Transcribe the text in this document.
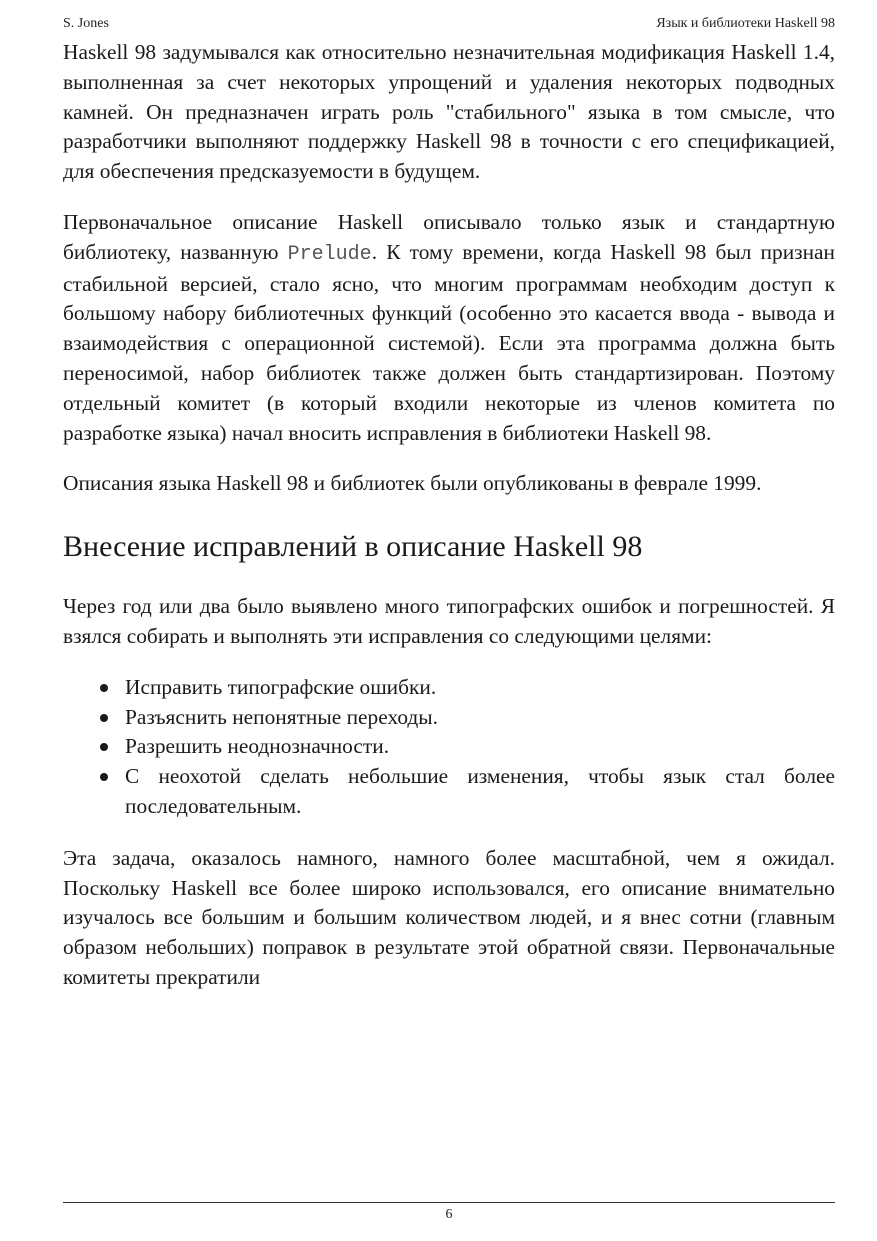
S. Jones	Язык и библиотеки Haskell 98

Haskell 98 задумывался как относительно незначительная модификация Haskell 1.4, выполненная за счет некоторых упрощений и удаления некоторых подводных камней. Он предназначен играть роль "стабильного" языка в том смысле, что разработчики выполняют поддержку Haskell 98 в точности с его спецификацией, для обеспечения предсказуемости в будущем.

Первоначальное описание Haskell описывало только язык и стандартную библиотеку, названную Prelude. К тому времени, когда Haskell 98 был признан стабильной версией, стало ясно, что многим программам необходим доступ к большому набору библиотечных функций (особенно это касается ввода - вывода и взаимодействия с операционной системой). Если эта программа должна быть переносимой, набор библиотек также должен быть стандартизирован. Поэтому отдельный комитет (в который входили некоторые из членов комитета по разработке языка) начал вносить исправления в библиотеки Haskell 98.

Описания языка Haskell 98 и библиотек были опубликованы в феврале 1999.

Внесение исправлений в описание Haskell 98

Через год или два было выявлено много типографских ошибок и погрешностей. Я взялся собирать и выполнять эти исправления со следующими целями:

Исправить типографские ошибки.
Разъяснить непонятные переходы.
Разрешить неоднозначности.
С неохотой сделать небольшие изменения, чтобы язык стал более последовательным.

Эта задача, оказалось намного, намного более масштабной, чем я ожидал. Поскольку Haskell все более широко использовался, его описание внимательно изучалось все большим и большим количеством людей, и я внес сотни (главным образом небольших) поправок в результате этой обратной связи. Первоначальные комитеты прекратили

6
